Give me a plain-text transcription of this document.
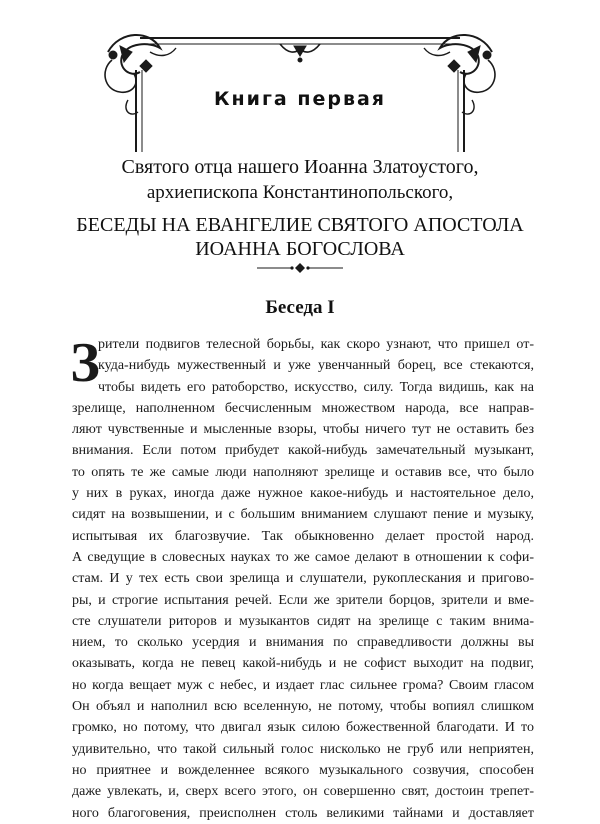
Книга первая
Святого отца нашего Иоанна Златоустого,
архиепископа Константинопольского,
БЕСЕДЫ НА ЕВАНГЕЛИЕ СВЯТОГО АПОСТОЛА
ИОАННА БОГОСЛОВА
Беседа I
З
рители подвигов телесной борьбы, как скоро узнают, что пришел от-
куда-нибудь мужественный и уже увенчанный борец, все стекаются,
чтобы видеть его ратоборство, искусство, силу. Тогда видишь, как на
зрелище, наполненном бесчисленным множеством народа, все направ-
ляют чувственные и мысленные взоры, чтобы ничего тут не оставить без
внимания. Если потом прибудет какой-нибудь замечательный музыкант,
то опять те же самые люди наполняют зрелище и оставив все, что было
у них в руках, иногда даже нужное какое-нибудь и настоятельное дело,
сидят на возвышении, и с большим вниманием слушают пение и музыку,
испытывая их благозвучие. Так обыкновенно делает простой народ.
А сведущие в словесных науках то же самое делают в отношении к софи-
стам. И у тех есть свои зрелища и слушатели, рукоплескания и пригово-
ры, и строгие испытания речей. Если же зрители борцов, зрители и вме-
сте слушатели риторов и музыкантов сидят на зрелище с таким внима-
нием, то сколько усердия и внимания по справедливости должны вы
оказывать, когда не певец какой-нибудь и не софист выходит на подвиг,
но когда вещает муж с небес, и издает глас сильнее грома? Своим гласом
Он объял и наполнил всю вселенную, не потому, чтобы вопиял слишком
громко, но потому, что двигал язык силою божественной благодати. И то
удивительно, что такой сильный голос нисколько не груб или неприятен,
но приятнее и вожделеннее всякого музыкального созвучия, способен
даже увлекать, и, сверх всего этого, он совершенно свят, достоин трепет-
ного благоговения, преисполнен столь великими тайнами и доставляет
